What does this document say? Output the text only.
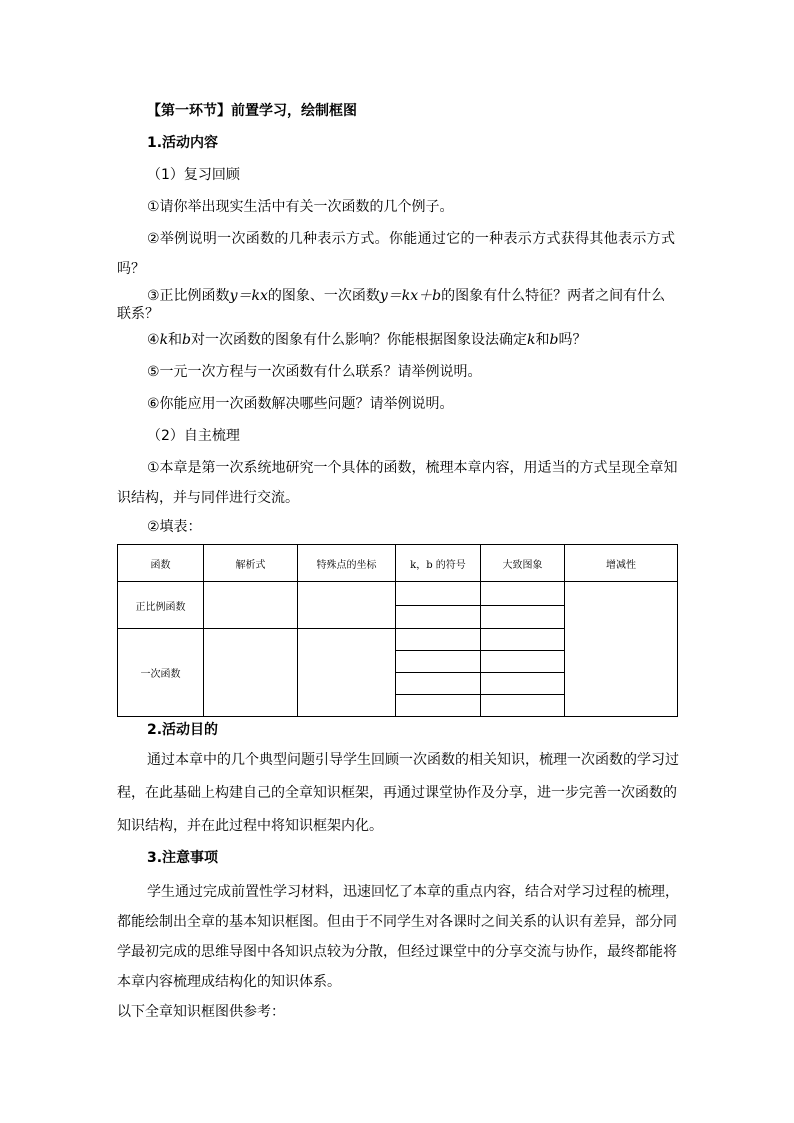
【第一环节】前置学习，绘制框图
1.活动内容
（1）复习回顾
①请你举出现实生活中有关一次函数的几个例子。
②举例说明一次函数的几种表示方式。你能通过它的一种表示方式获得其他表示方式
吗？
③正比例函数y＝kx的图象、一次函数y＝kx＋b的图象有什么特征？两者之间有什么
联系？
④k和b对一次函数的图象有什么影响？你能根据图象设法确定k和b吗？
⑤一元一次方程与一次函数有什么联系？请举例说明。
⑥你能应用一次函数解决哪些问题？请举例说明。
（2）自主梳理
①本章是第一次系统地研究一个具体的函数，梳理本章内容，用适当的方式呈现全章知
识结构，并与同伴进行交流。
②填表：
函数	解析式	特殊点的坐标	k，b 的符号	大致图象	增减性
正比例函数					

一次函数					

2.活动目的
通过本章中的几个典型问题引导学生回顾一次函数的相关知识，梳理一次函数的学习过
程，在此基础上构建自己的全章知识框架，再通过课堂协作及分享，进一步完善一次函数的
知识结构，并在此过程中将知识框架内化。
3.注意事项
学生通过完成前置性学习材料，迅速回忆了本章的重点内容，结合对学习过程的梳理，
都能绘制出全章的基本知识框图。但由于不同学生对各课时之间关系的认识有差异，部分同
学最初完成的思维导图中各知识点较为分散，但经过课堂中的分享交流与协作，最终都能将
本章内容梳理成结构化的知识体系。
以下全章知识框图供参考：
